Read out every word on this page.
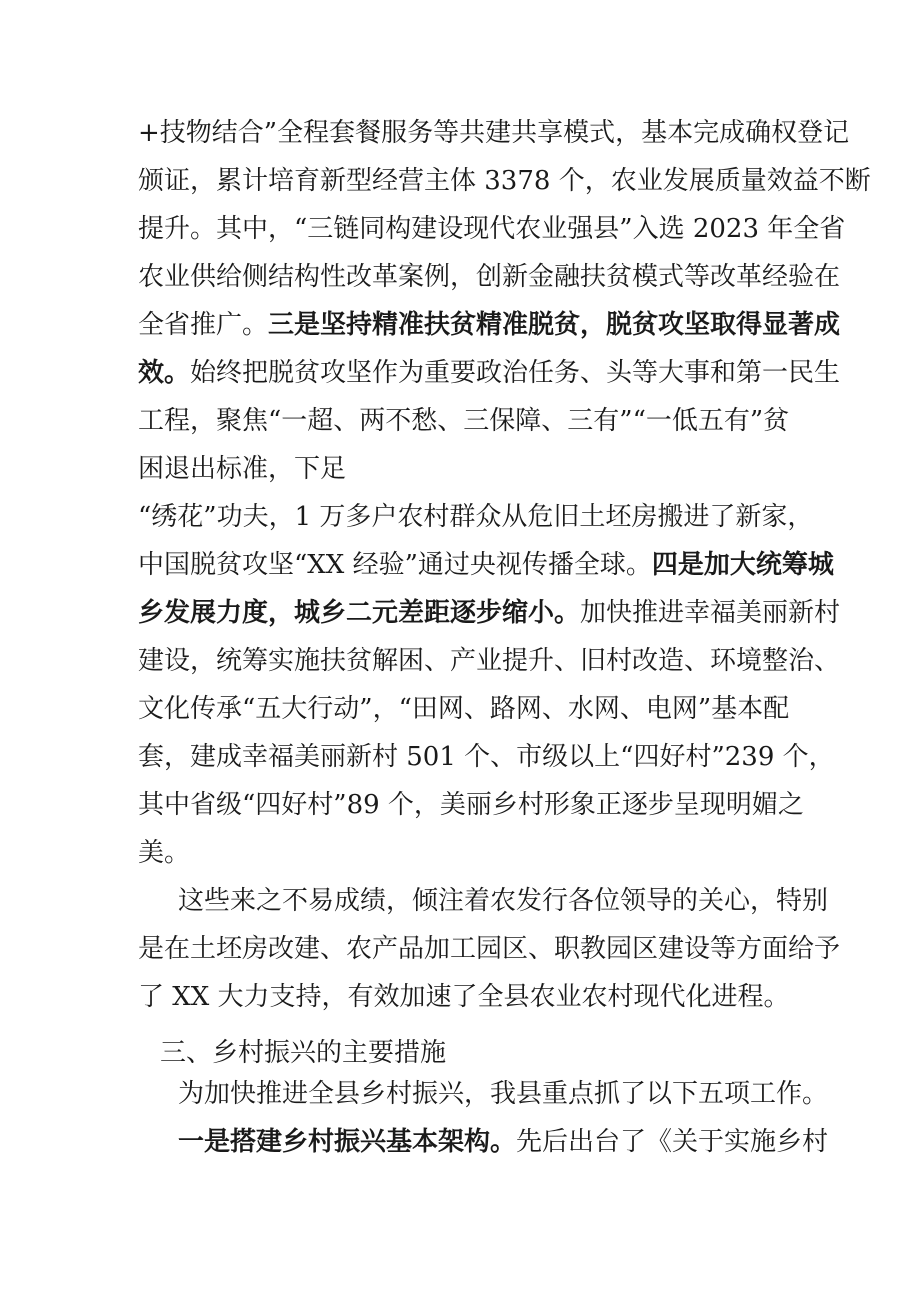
+技物结合”全程套餐服务等共建共享模式，基本完成确权登记
颁证，累计培育新型经营主体 3378 个，农业发展质量效益不断
提升。其中，“三链同构建设现代农业强县”入选 2023 年全省
农业供给侧结构性改革案例，创新金融扶贫模式等改革经验在
全省推广。三是坚持精准扶贫精准脱贫，脱贫攻坚取得显著成
效。始终把脱贫攻坚作为重要政治任务、头等大事和第一民生
工程，聚焦“一超、两不愁、三保障、三有”“一低五有”贫
困退出标准，下足
“绣花”功夫，1 万多户农村群众从危旧土坯房搬进了新家，
中国脱贫攻坚“XX 经验”通过央视传播全球。四是加大统筹城
乡发展力度，城乡二元差距逐步缩小。加快推进幸福美丽新村
建设，统筹实施扶贫解困、产业提升、旧村改造、环境整治、
文化传承“五大行动”，“田网、路网、水网、电网”基本配
套，建成幸福美丽新村 501 个、市级以上“四好村”239 个，
其中省级“四好村”89 个，美丽乡村形象正逐步呈现明媚之
美。
这些来之不易成绩，倾注着农发行各位领导的关心，特别
是在土坯房改建、农产品加工园区、职教园区建设等方面给予
了 XX 大力支持，有效加速了全县农业农村现代化进程。
三、乡村振兴的主要措施
为加快推进全县乡村振兴，我县重点抓了以下五项工作。
一是搭建乡村振兴基本架构。先后出台了《关于实施乡村
